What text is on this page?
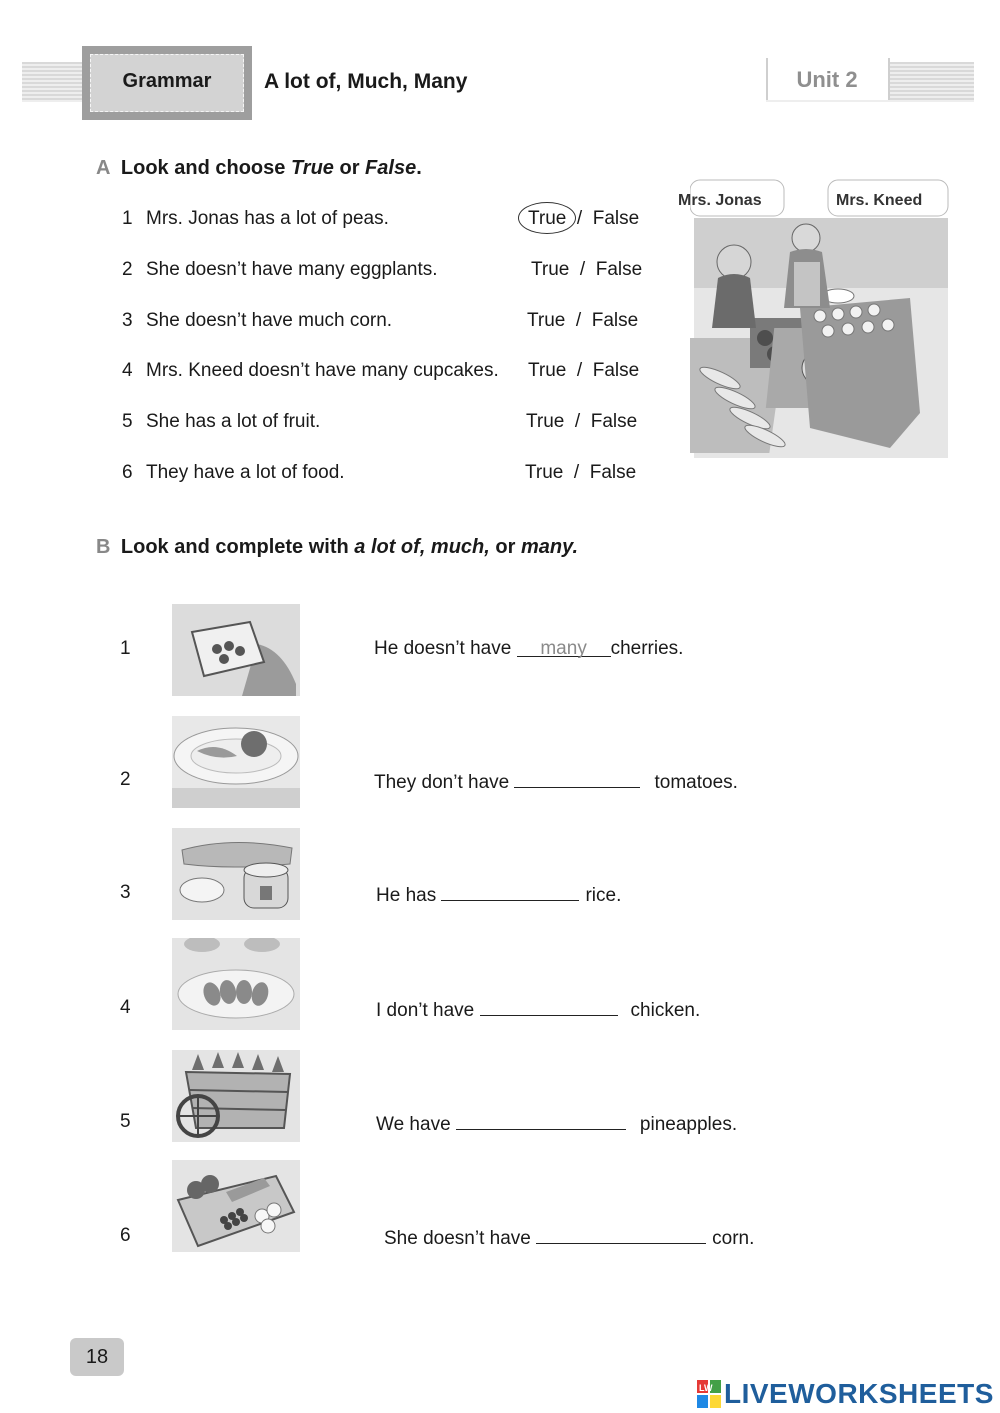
Grammar	A lot of, Much, Many	Unit 2
A Look and choose True or False.
1 Mrs. Jonas has a lot of peas.	True  /  False
2 She doesn’t have many eggplants.	True  /  False
3 She doesn’t have much corn.	True  /  False
4 Mrs. Kneed doesn’t have many cupcakes. True  /  False
5 She has a lot of fruit.	True  /  False
6 They have a lot of food.	True  /  False
Mrs. Jonas	Mrs. Kneed
B Look and complete with a lot of, much, or many.
1	He doesn’t have many cherries.
2	They don’t have	tomatoes.
3	He has	rice.
4	I don’t have	chicken.
5	We have	pineapples.
6	She doesn’t have	corn.
18
LW LIVEWORKSHEETS
